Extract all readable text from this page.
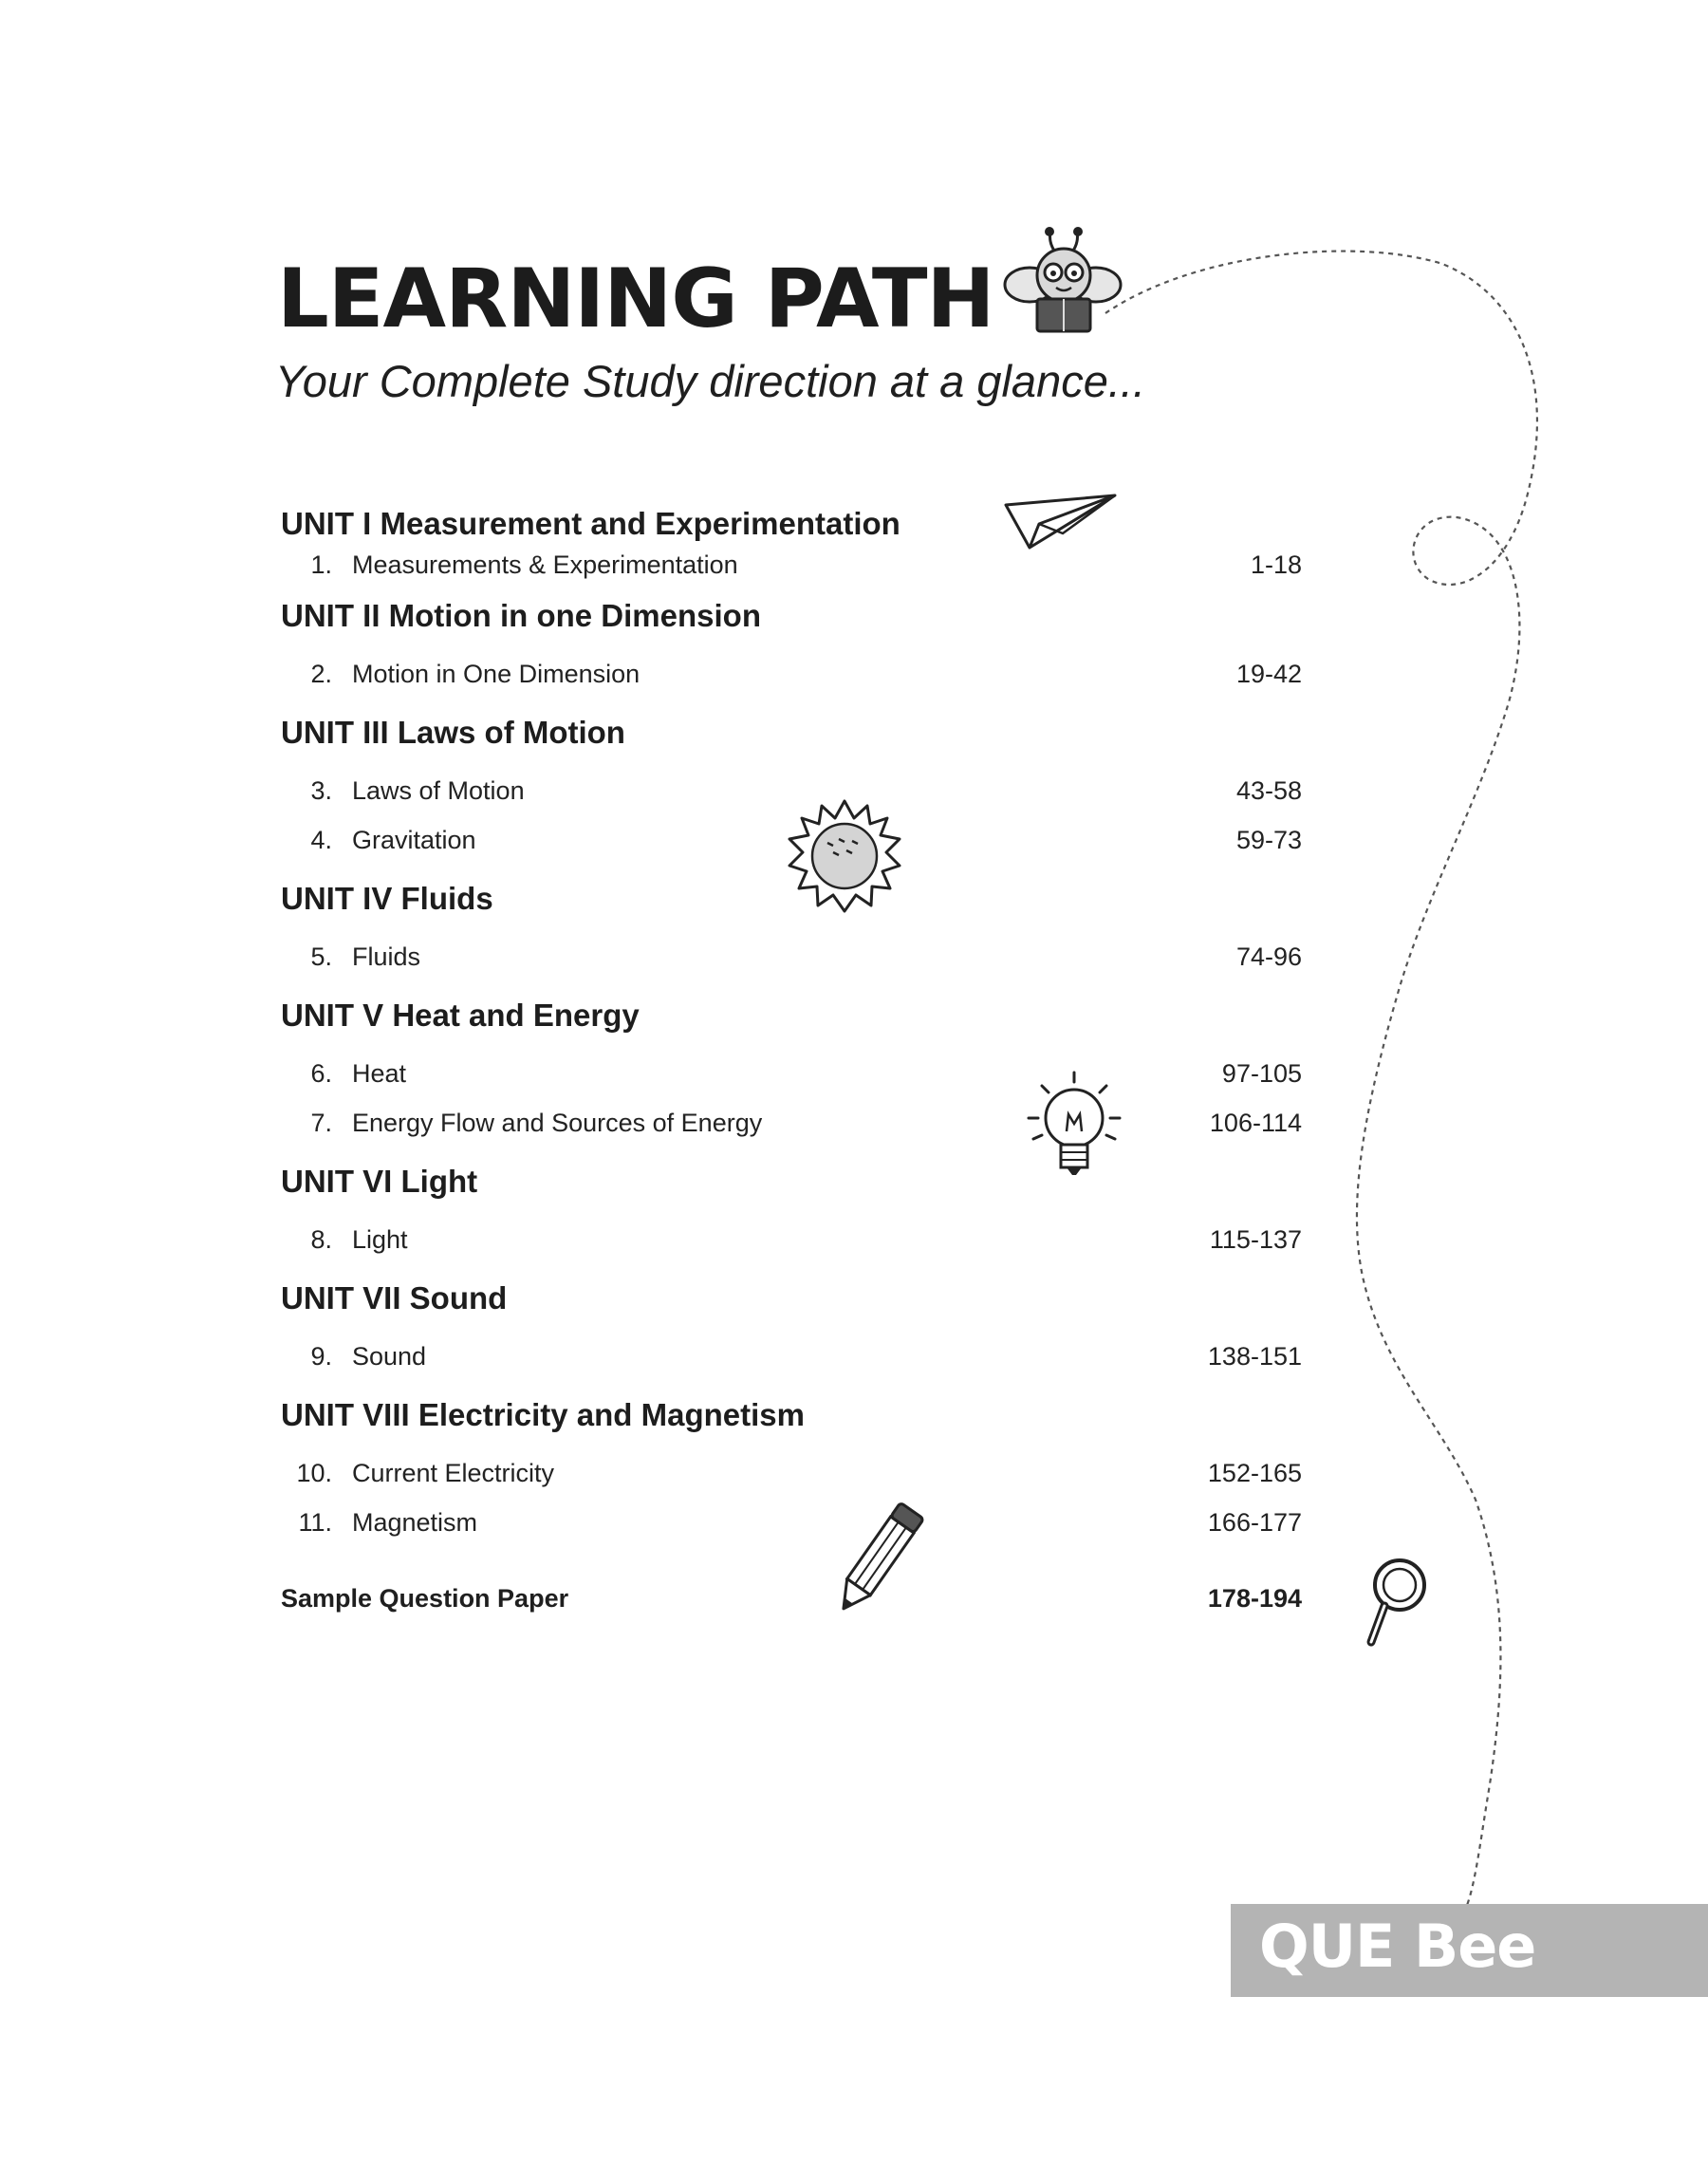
LEARNING PATH
Your Complete Study direction at a glance...
UNIT I Measurement and Experimentation
1. Measurements & Experimentation	1-18
UNIT II Motion in one Dimension
2. Motion in One Dimension	19-42
UNIT III Laws of Motion
3. Laws of Motion	43-58
4. Gravitation	59-73
UNIT IV Fluids
5. Fluids	74-96
UNIT V Heat and Energy
6. Heat	97-105
7. Energy Flow and Sources of Energy	106-114
UNIT VI Light
8. Light	115-137
UNIT VII Sound
9. Sound	138-151
UNIT VIII Electricity and Magnetism
10. Current Electricity	152-165
11. Magnetism	166-177
Sample Question Paper	178-194
QUE Bee
